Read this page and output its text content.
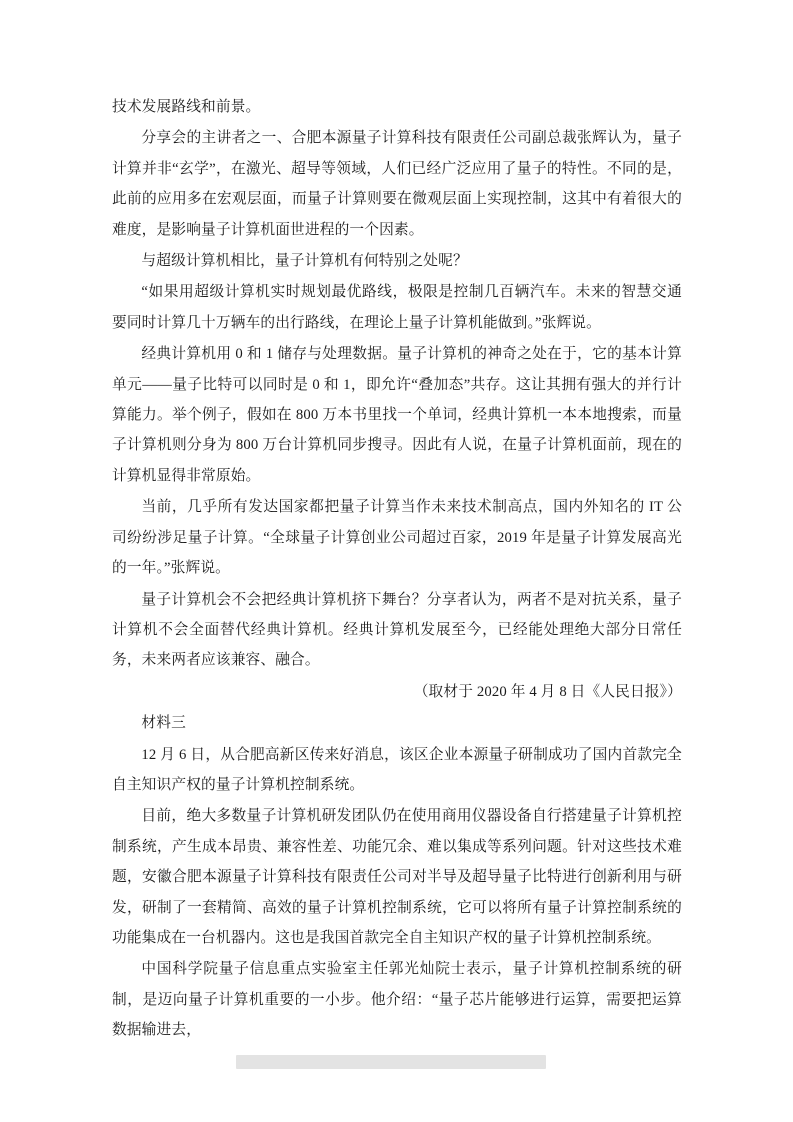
技术发展路线和前景。

分享会的主讲者之一、合肥本源量子计算科技有限责任公司副总裁张辉认为，量子计算并非“玄学”，在激光、超导等领域，人们已经广泛应用了量子的特性。不同的是，此前的应用多在宏观层面，而量子计算则要在微观层面上实现控制，这其中有着很大的难度，是影响量子计算机面世进程的一个因素。

与超级计算机相比，量子计算机有何特别之处呢？

“如果用超级计算机实时规划最优路线，极限是控制几百辆汽车。未来的智慧交通要同时计算几十万辆车的出行路线，在理论上量子计算机能做到。”张辉说。

经典计算机用 0 和 1 储存与处理数据。量子计算机的神奇之处在于，它的基本计算单元——量子比特可以同时是 0 和 1，即允许“叠加态”共存。这让其拥有强大的并行计算能力。举个例子，假如在 800 万本书里找一个单词，经典计算机一本本地搜索，而量子计算机则分身为 800 万台计算机同步搜寻。因此有人说，在量子计算机面前，现在的计算机显得非常原始。

当前，几乎所有发达国家都把量子计算当作未来技术制高点，国内外知名的 IT 公司纷纷涉足量子计算。“全球量子计算创业公司超过百家，2019 年是量子计算发展高光的一年。”张辉说。

量子计算机会不会把经典计算机挤下舞台？分享者认为，两者不是对抗关系，量子计算机不会全面替代经典计算机。经典计算机发展至今，已经能处理绝大部分日常任务，未来两者应该兼容、融合。

（取材于 2020 年 4 月 8 日《人民日报》）

材料三

12 月 6 日，从合肥高新区传来好消息，该区企业本源量子研制成功了国内首款完全自主知识产权的量子计算机控制系统。

目前，绝大多数量子计算机研发团队仍在使用商用仪器设备自行搭建量子计算机控制系统，产生成本昂贵、兼容性差、功能冗余、难以集成等系列问题。针对这些技术难题，安徽合肥本源量子计算科技有限责任公司对半导及超导量子比特进行创新利用与研发，研制了一套精简、高效的量子计算机控制系统，它可以将所有量子计算控制系统的功能集成在一台机器内。这也是我国首款完全自主知识产权的量子计算机控制系统。

中国科学院量子信息重点实验室主任郭光灿院士表示，量子计算机控制系统的研制，是迈向量子计算机重要的一小步。他介绍：“量子芯片能够进行运算，需要把运算数据输进去，
